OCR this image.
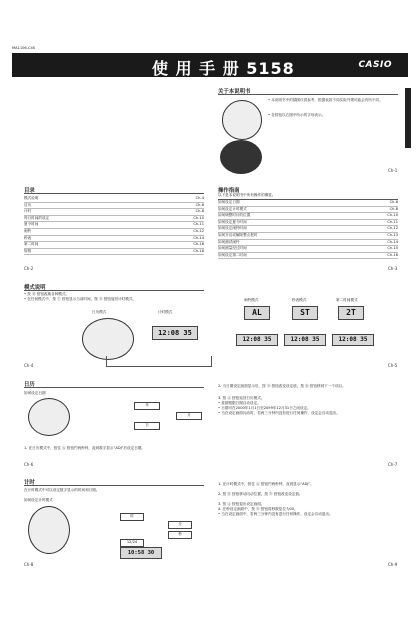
MA1106-C4S
使 用 手 册 5158	CASIO
关于本说明书
• 本说明书中的插图仅供参考，根据表款不同实际外观可能会有所不同。
• 各按钮以右图中所示的字母表示。
Ch-1
目录
模式说明	Ch-4
目历	Ch-6
计时	Ch-8
每日时间的设定	Ch-10
夏令时间	Ch-11
闹铃	Ch-12
秒表	Ch-14
第二时间	Ch-16
规格	Ch-18
Ch-2
操作指南
以下是本说明书中所有操作的概览。
如何设定日期	Ch-6
如何设定计时模式	Ch-8
如何调整时针的位置	Ch-10
如何设定夏令时间	Ch-11
如何设定闹铃时间	Ch-12
如何开启或解除整点报时	Ch-13
如何测试闹铃	Ch-14
如何测量经过时间	Ch-15
如何设定第二时间	Ch-16
Ch-3
模式说明
• 按 Ⓑ 按钮改换各种模式。
• 在任何模式中，按 Ⓒ 按钮显示当前时间，按 Ⓓ 按钮返回计时模式。
日历模式	计时模式
12:08 35
闹铃模式	秒表模式	第二时间模式
AL	ST	2T
12:08 35	12:08 35	12:08 35
Ch-4	Ch-5
日历
如何设定日期
年
月
日
1. 在日历模式中，按住 Ⓐ 按钮约两秒钟，直到数字显示“ADJ”后设定日期。
2. 当日期设定画面显示后，按 Ⓓ 按钮改变设定值，按 Ⓑ 按钮移到下一个项目。
3. 按 Ⓐ 按钮返回日历模式。
• 星期根据日期自动设定。
• 日期可在2000年1月1日至2099年12月31日之间设定。
• 当在设定画面闪动时，若两三分钟内没有进行任何操作，设定会自动退出。
Ch-6	Ch-7
计时
在计时模式中可以设定数字显示的时间和日期。
如何设定计时模式
时
分
秒
12/24
10:58 30
1. 在计时模式中，按住 Ⓐ 按钮约两秒钟，直到显示“ADJ”。
2. 按 Ⓑ 按钮移动闪动位置，按 Ⓓ 按钮改变设定值。
3. 按 Ⓐ 按钮退出设定画面。
4. 在秒设定画面中，按 Ⓓ 按钮将秒数复位为00。
• 当在设定画面中，若两三分钟内没有进行任何操作，设定会自动退出。
Ch-8	Ch-9
